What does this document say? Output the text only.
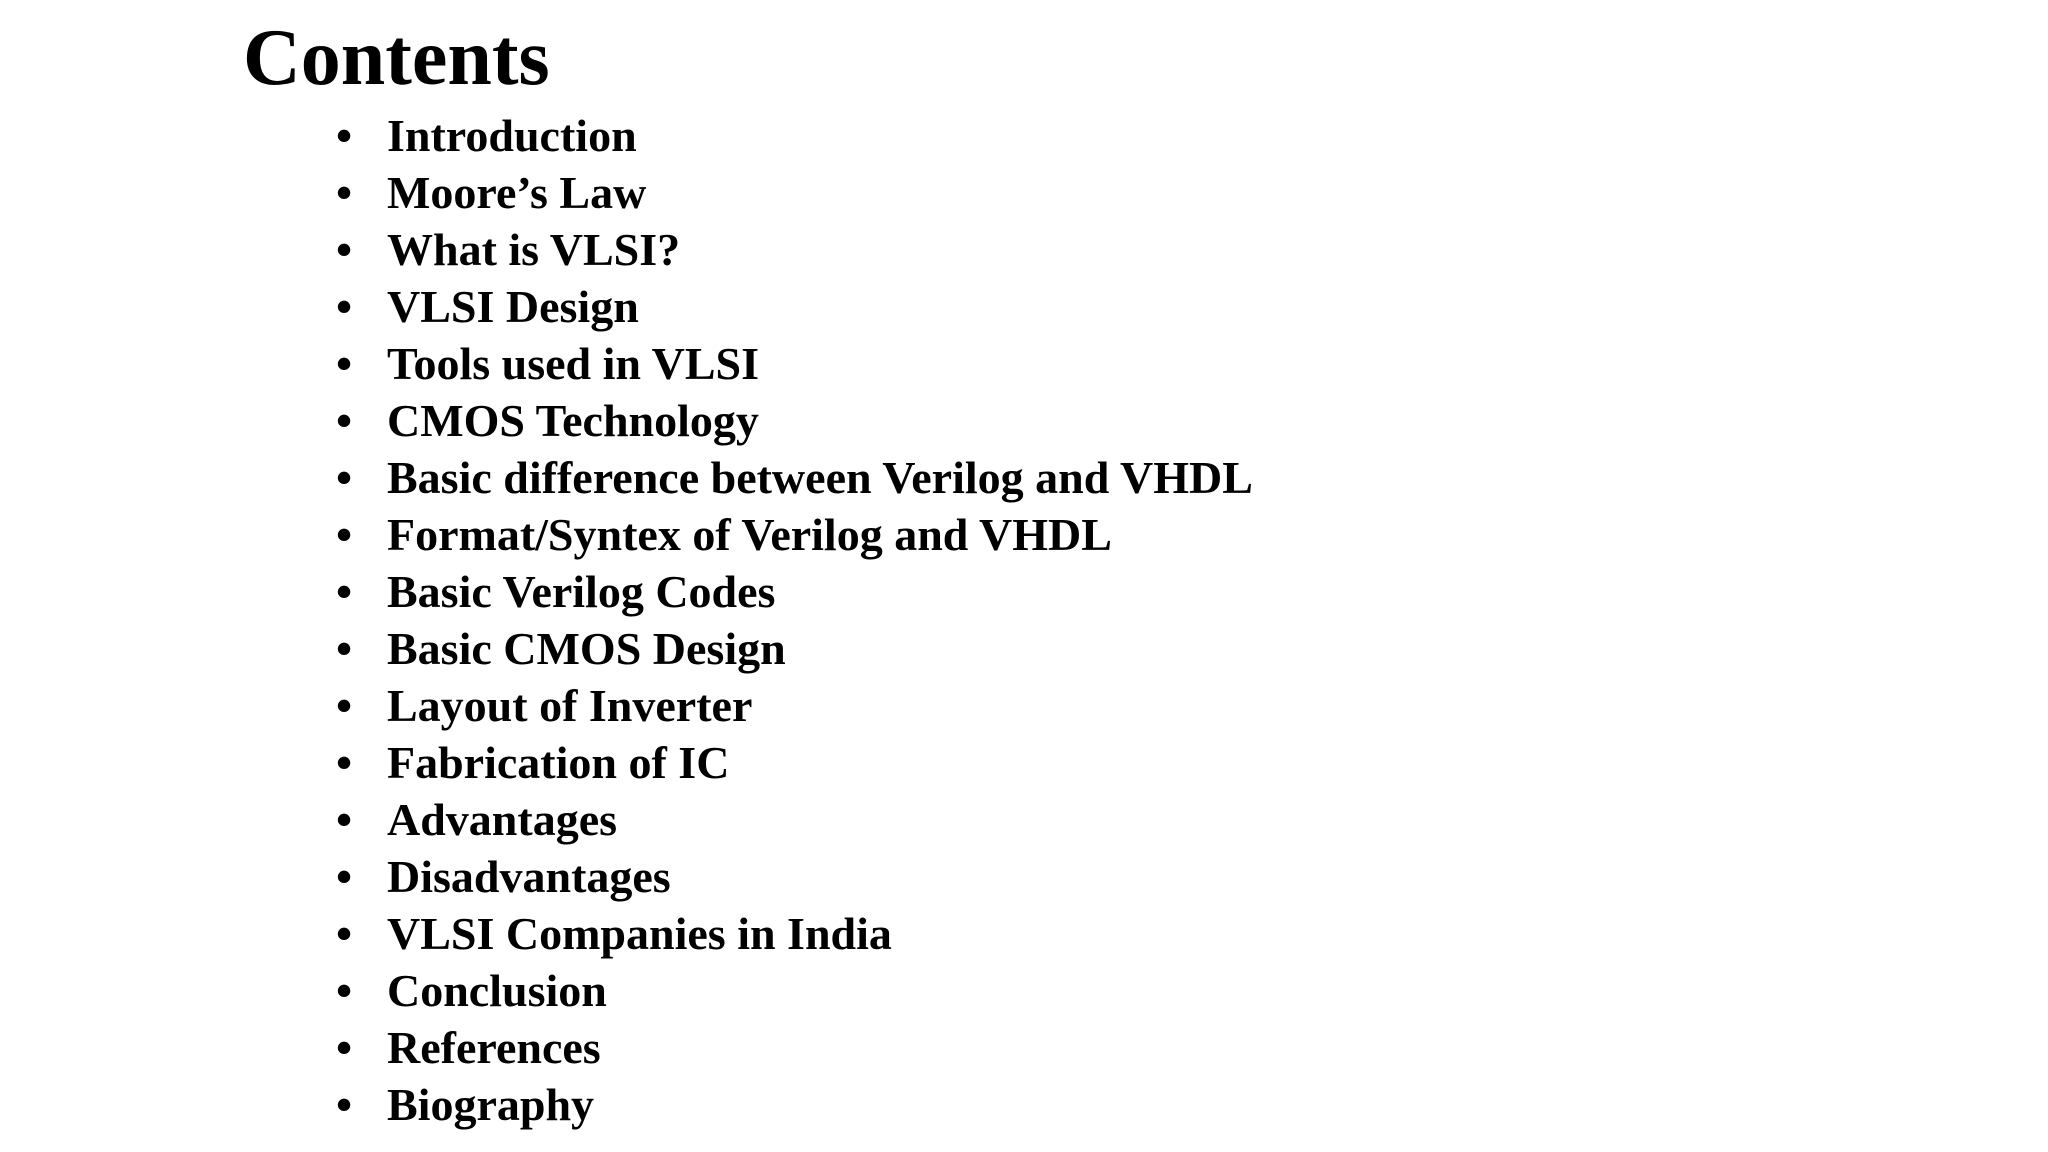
Contents
• Introduction
• Moore’s Law
• What is VLSI?
• VLSI Design
• Tools used in VLSI
• CMOS Technology
• Basic difference between Verilog and VHDL
• Format/Syntex of Verilog and VHDL
• Basic Verilog Codes
• Basic CMOS Design
• Layout of Inverter
• Fabrication of IC
• Advantages
• Disadvantages
• VLSI Companies in India
• Conclusion
• References
• Biography
